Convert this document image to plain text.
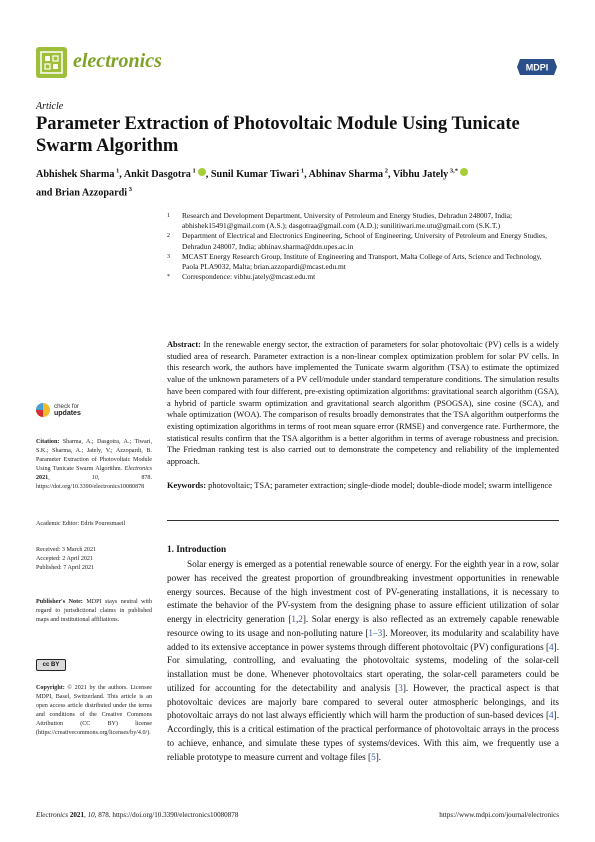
electronics	MDPI
Article
Parameter Extraction of Photovoltaic Module Using Tunicate Swarm Algorithm
Abhishek Sharma $^1$, Ankit Dasgotra $^1$ , Sunil Kumar Tiwari $^1$, Abhinav Sharma $^2$, Vibhu Jately $^{3,*}$
and Brian Azzopardi $^3$
1 Research and Development Department, University of Petroleum and Energy Studies, Dehradun 248007, India; abhishek15491@gmail.com (A.S.); dasgotraa@gmail.com (A.D.); sunilitiwari.me.utu@gmail.com (S.K.T.)
2 Department of Electrical and Electronics Engineering, School of Engineering, University of Petroleum and Energy Studies, Dehradun 248007, India; abhinav.sharma@ddn.upes.ac.in
3 MCAST Energy Research Group, Institute of Engineering and Transport, Malta College of Arts, Science and Technology, Paola PLA9032, Malta; brian.azzopardi@mcast.edu.mt
* Correspondence: vibhu.jately@mcast.edu.mt
Abstract: In the renewable energy sector, the extraction of parameters for solar photovoltaic (PV) cells is a widely studied area of research. Parameter extraction is a non-linear complex optimization problem for solar PV cells. In this research work, the authors have implemented the Tunicate swarm algorithm (TSA) to estimate the optimized value of the unknown parameters of a PV cell/module under standard temperature conditions. The simulation results have been compared with four different, pre-existing optimization algorithms: gravitational search algorithm (GSA), a hybrid of particle swarm optimization and gravitational search algorithm (PSOGSA), sine cosine (SCA), and whale optimization (WOA). The comparison of results broadly demonstrates that the TSA algorithm outperforms the existing optimization algorithms in terms of root mean square error (RMSE) and convergence rate. Furthermore, the statistical results confirm that the TSA algorithm is a better algorithm in terms of average robustness and precision. The Friedman ranking test is also carried out to demonstrate the competency and reliability of the implemented approach.
Keywords: photovoltaic; TSA; parameter extraction; single-diode model; double-diode model; swarm intelligence
check for
updates
Citation: Sharma, A.; Dasgotra, A.; Tiwari, S.K.; Sharma, A.; Jately, V.; Azzopardi, B. Parameter Extraction of Photovoltaic Module Using Tunicate Swarm Algorithm. Electronics 2021, 10, 878. https://doi.org/10.3390/electronics10080878
Academic Editor: Edris Pouresmaeil
Received: 3 March 2021
Accepted: 2 April 2021
Published: 7 April 2021
Publisher's Note: MDPI stays neutral with regard to jurisdictional claims in published maps and institutional affiliations.
cc BY
Copyright: © 2021 by the authors. Licensee MDPI, Basel, Switzerland. This article is an open access article distributed under the terms and conditions of the Creative Commons Attribution (CC BY) license (https://creativecommons.org/licenses/by/4.0/).
1. Introduction
Solar energy is emerged as a potential renewable source of energy. For the eighth year in a row, solar power has received the greatest proportion of groundbreaking investment opportunities in renewable energy sources. Because of the high investment cost of PV-generating installations, it is necessary to estimate the behavior of the PV-system from the designing phase to assure efficient utilization of solar energy in electricity generation [1,2]. Solar energy is also reflected as an extremely capable renewable resource owing to its usage and non-polluting nature [1–3]. Moreover, its modularity and scalability have added to its extensive acceptance in power systems through different photovoltaic (PV) configurations [4]. For simulating, controlling, and evaluating the photovoltaic systems, modeling of the solar-cell installation must be done. Whenever photovoltaics start operating, the solar-cell parameters could be utilized for accounting for the detectability and analysis [3]. However, the practical aspect is that photovoltaic devices are majorly bare compared to several outer atmospheric belongings, and its photovoltaic arrays do not last always efficiently which will harm the production of sun-based devices [4]. Accordingly, this is a critical estimation of the practical performance of photovoltaic arrays in the process to achieve, enhance, and simulate these types of systems/devices. With this aim, we frequently use a reliable prototype to measure current and voltage files [5].
Electronics 2021, 10, 878. https://doi.org/10.3390/electronics10080878	https://www.mdpi.com/journal/electronics
